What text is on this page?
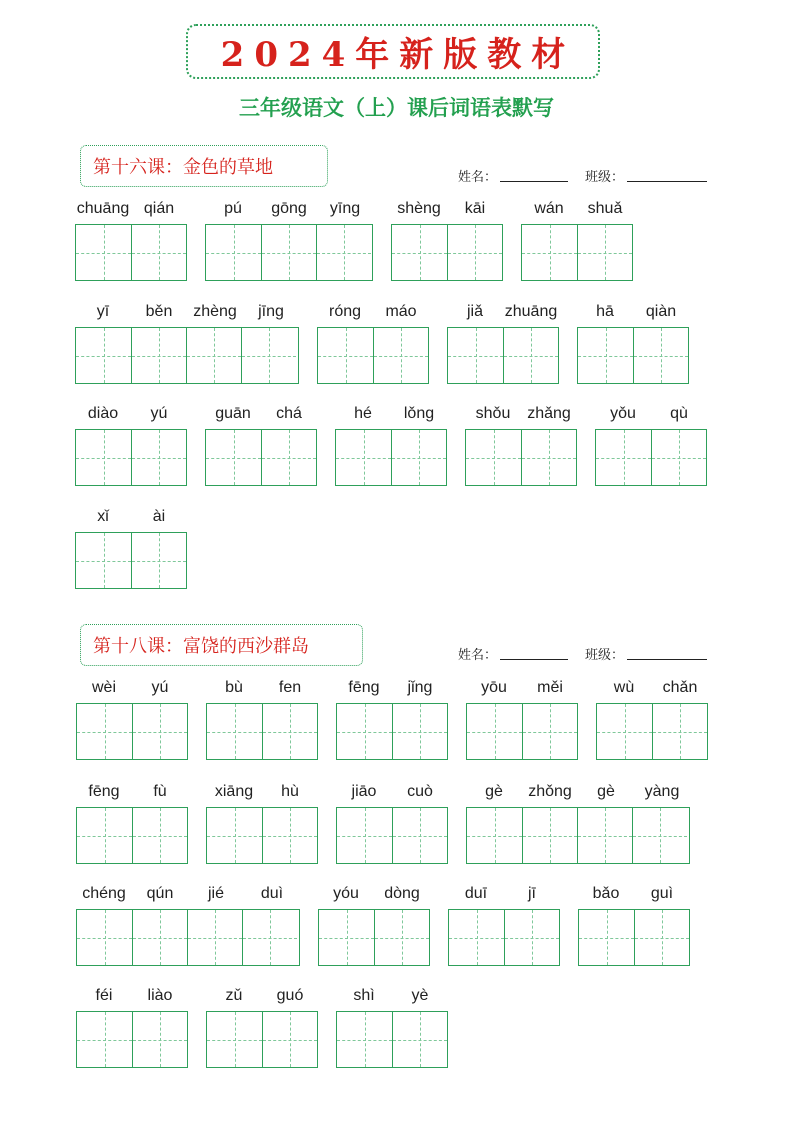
2024年新版教材
三年级语文（上）课后词语表默写
第十六课：金色的草地	姓名：	班级：
第十八课：富饶的西沙群岛	姓名：	班级：
chuāng qián	pú	gōng	yīng	shèng	kāi	wán	shuǎ
yī	běn	zhèng	jīng	róng	máo	jiǎ	zhuāng	hā	qiàn
diào	yú	guān	chá	hé	lǒng	shǒu	zhǎng	yǒu	qù
xǐ	ài
wèi	yú	bù	fen	fēng	jǐng	yōu	měi	wù	chǎn
fēng	fù	xiāng	hù	jiāo	cuò	gè	zhǒng	gè	yàng
chéng	qún	jié	duì	yóu	dòng	duī	jī	bǎo	guì
féi	liào	zǔ	guó	shì	yè
